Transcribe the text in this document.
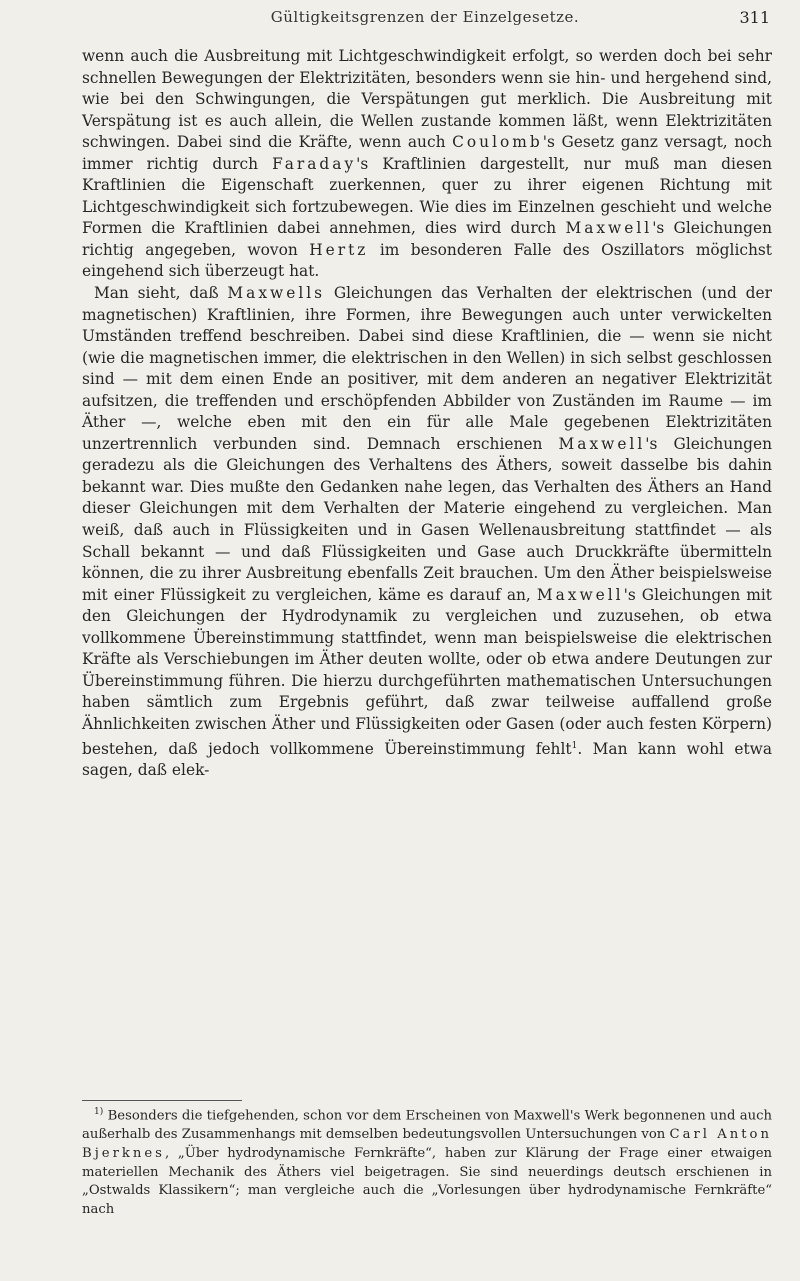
Gültigkeitsgrenzen der Einzelgesetze.	311

wenn auch die Ausbreitung mit Lichtgeschwindigkeit erfolgt, so werden doch bei sehr schnellen Bewegungen der Elektrizitäten, besonders wenn sie hin- und hergehend sind, wie bei den Schwingungen, die Verspätungen gut merklich. Die Ausbreitung mit Verspätung ist es auch allein, die Wellen zustande kommen läßt, wenn Elektrizitäten schwingen. Dabei sind die Kräfte, wenn auch Coulomb's Gesetz ganz versagt, noch immer richtig durch Faraday's Kraftlinien dargestellt, nur muß man diesen Kraftlinien die Eigenschaft zuerkennen, quer zu ihrer eigenen Richtung mit Lichtgeschwindigkeit sich fortzubewegen. Wie dies im Einzelnen geschieht und welche Formen die Kraftlinien dabei annehmen, dies wird durch Maxwell's Gleichungen richtig angegeben, wovon Hertz im besonderen Falle des Oszillators möglichst eingehend sich überzeugt hat.

Man sieht, daß Maxwells Gleichungen das Verhalten der elektrischen (und der magnetischen) Kraftlinien, ihre Formen, ihre Bewegungen auch unter verwickelten Umständen treffend beschreiben. Dabei sind diese Kraftlinien, die — wenn sie nicht (wie die magnetischen immer, die elektrischen in den Wellen) in sich selbst geschlossen sind — mit dem einen Ende an positiver, mit dem anderen an negativer Elektrizität aufsitzen, die treffenden und erschöpfenden Abbilder von Zuständen im Raume — im Äther —, welche eben mit den ein für alle Male gegebenen Elektrizitäten unzertrennlich verbunden sind. Demnach erschienen Maxwell's Gleichungen geradezu als die Gleichungen des Verhaltens des Äthers, soweit dasselbe bis dahin bekannt war. Dies mußte den Gedanken nahe legen, das Verhalten des Äthers an Hand dieser Gleichungen mit dem Verhalten der Materie eingehend zu vergleichen. Man weiß, daß auch in Flüssigkeiten und in Gasen Wellenausbreitung stattfindet — als Schall bekannt — und daß Flüssigkeiten und Gase auch Druckkräfte übermitteln können, die zu ihrer Ausbreitung ebenfalls Zeit brauchen. Um den Äther beispielsweise mit einer Flüssigkeit zu vergleichen, käme es darauf an, Maxwell's Gleichungen mit den Gleichungen der Hydrodynamik zu vergleichen und zuzusehen, ob etwa vollkommene Übereinstimmung stattfindet, wenn man beispielsweise die elektrischen Kräfte als Verschiebungen im Äther deuten wollte, oder ob etwa andere Deutungen zur Übereinstimmung führen. Die hierzu durchgeführten mathematischen Untersuchungen haben sämtlich zum Ergebnis geführt, daß zwar teilweise auffallend große Ähnlichkeiten zwischen Äther und Flüssigkeiten oder Gasen (oder auch festen Körpern) bestehen, daß jedoch vollkommene Übereinstimmung fehlt$^1$. Man kann wohl etwa sagen, daß elek-

$^{1)}$ Besonders die tiefgehenden, schon vor dem Erscheinen von Maxwell's Werk begonnenen und auch außerhalb des Zusammenhangs mit demselben bedeutungsvollen Untersuchungen von Carl Anton Bjerknes, „Über hydrodynamische Fernkräfte“, haben zur Klärung der Frage einer etwaigen materiellen Mechanik des Äthers viel beigetragen. Sie sind neuerdings deutsch erschienen in „Ostwalds Klassikern“; man vergleiche auch die „Vorlesungen über hydrodynamische Fernkräfte“ nach
